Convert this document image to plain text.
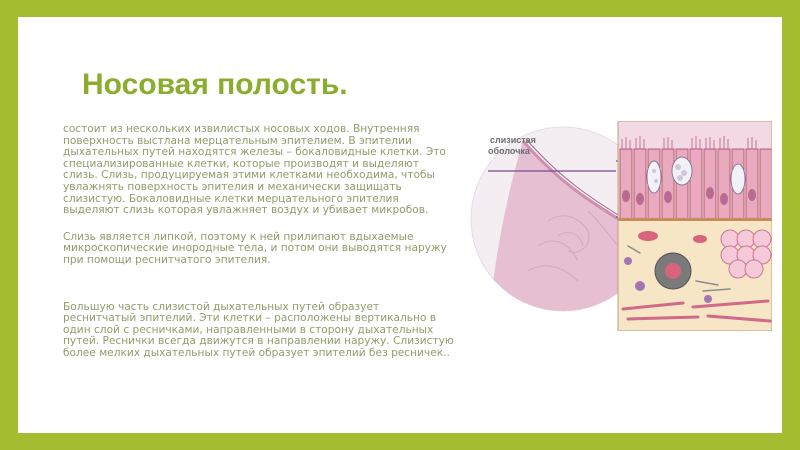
Носовая полость.

состоит из нескольких извилистых носовых ходов. Внутренняя поверхность выстлана мерцательным эпителием. В эпителии дыхательных путей находятся железы – бокаловидные клетки. Это специализированные клетки, которые производят и выделяют слизь. Слизь, продуцируемая этими клетками необходима, чтобы увлажнять поверхность эпителия и механически защищать слизистую. Бокаловидные клетки мерцательного эпителия выделяют слизь которая увлажняет воздух и убивает микробов.

Слизь является липкой, поэтому к ней прилипают вдыхаемые микроскопические инородные тела, и потом они выводятся наружу при помощи реснитчатого эпителия.

Большую часть слизистой дыхательных путей образует реснитчатый эпителий. Эти клетки – расположены вертикально в один слой с ресничками, направленными в сторону дыхательных путей. Реснички всегда движутся в направлении наружу. Слизистую более мелких дыхательных путей образует эпителий без ресничек..

слизистая
оболочка
